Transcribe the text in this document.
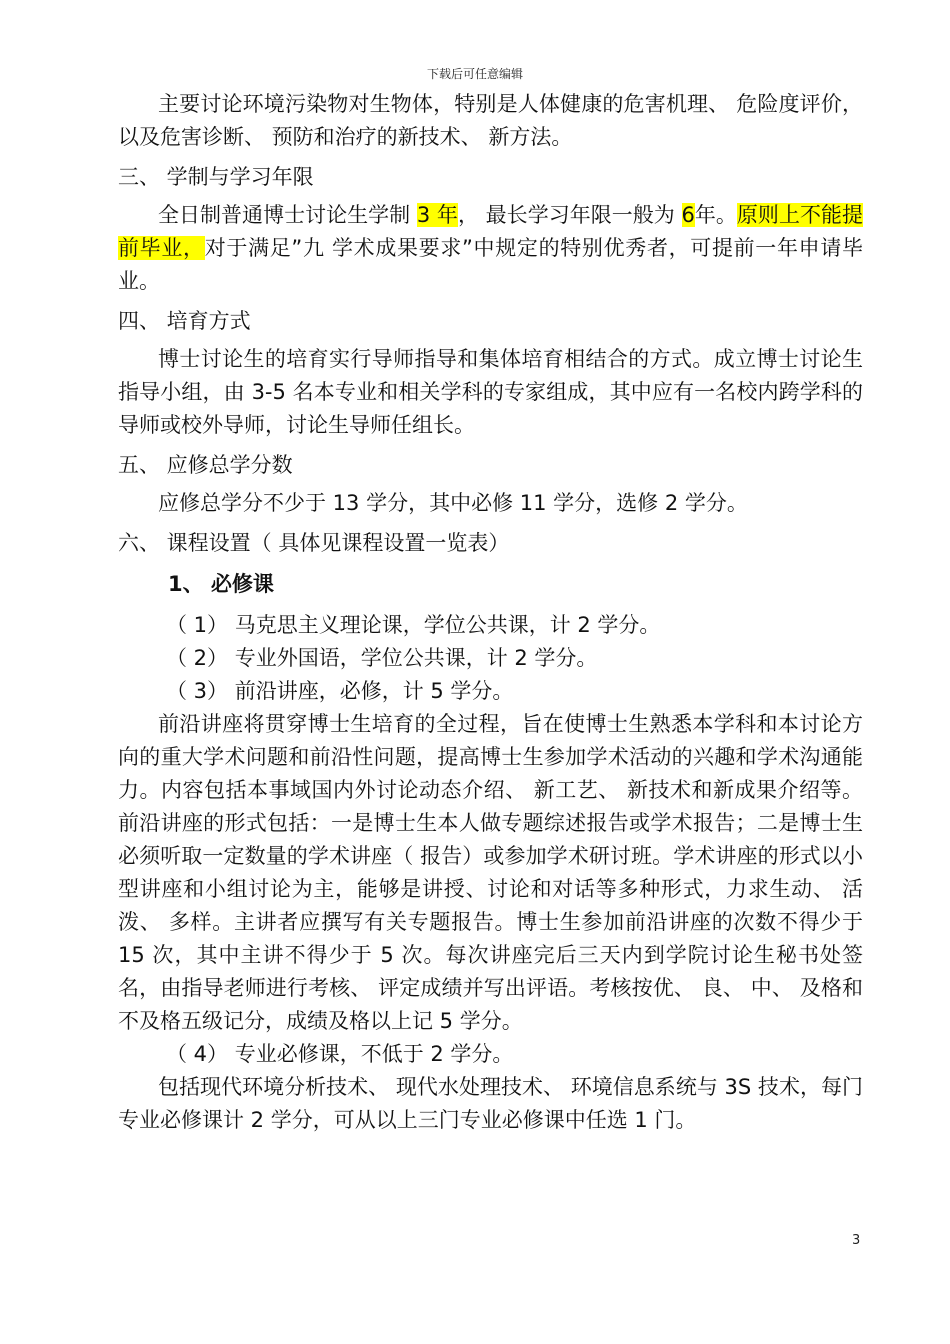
下载后可任意编辑

主要讨论环境污染物对生物体，特别是人体健康的危害机理、 危险度评价，以及危害诊断、 预防和治疗的新技术、 新方法。

三、 学制与学习年限

全日制普通博士讨论生学制 3 年， 最长学习年限一般为 6年。原则上不能提前毕业，对于满足”九 学术成果要求”中规定的特别优秀者，可提前一年申请毕业。

四、 培育方式

博士讨论生的培育实行导师指导和集体培育相结合的方式。成立博士讨论生指导小组，由 3-5 名本专业和相关学科的专家组成，其中应有一名校内跨学科的导师或校外导师，讨论生导师任组长。

五、 应修总学分数

应修总学分不少于 13 学分，其中必修 11 学分，选修 2 学分。

六、 课程设置（ 具体见课程设置一览表）

1、 必修课

（ 1） 马克思主义理论课，学位公共课，计 2 学分。

（ 2） 专业外国语，学位公共课，计 2 学分。

（ 3） 前沿讲座，必修，计 5 学分。

前沿讲座将贯穿博士生培育的全过程，旨在使博士生熟悉本学科和本讨论方向的重大学术问题和前沿性问题，提高博士生参加学术活动的兴趣和学术沟通能力。内容包括本事域国内外讨论动态介绍、 新工艺、 新技术和新成果介绍等。前沿讲座的形式包括：一是博士生本人做专题综述报告或学术报告；二是博士生必须听取一定数量的学术讲座（ 报告）或参加学术研讨班。学术讲座的形式以小型讲座和小组讨论为主，能够是讲授、讨论和对话等多种形式，力求生动、 活泼、 多样。主讲者应撰写有关专题报告。博士生参加前沿讲座的次数不得少于 15 次，其中主讲不得少于 5 次。每次讲座完后三天内到学院讨论生秘书处签名，由指导老师进行考核、 评定成绩并写出评语。考核按优、 良、 中、 及格和不及格五级记分，成绩及格以上记 5 学分。

（ 4） 专业必修课，不低于 2 学分。

包括现代环境分析技术、 现代水处理技术、 环境信息系统与 3S 技术，每门专业必修课计 2 学分，可从以上三门专业必修课中任选 1 门。

3
